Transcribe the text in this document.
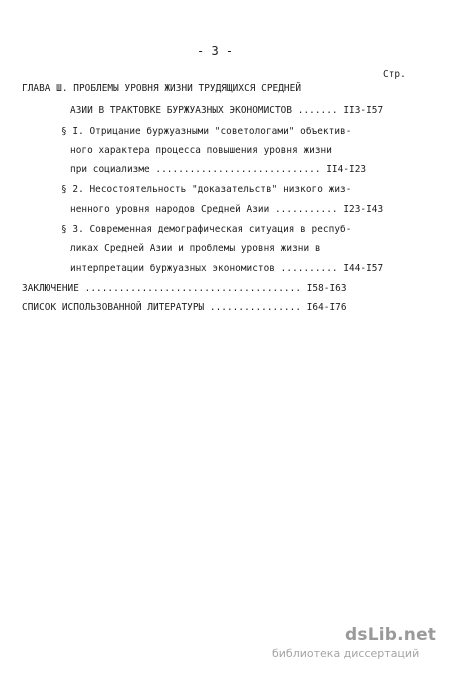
- 3 -
Стр.
ГЛАВА Ш. ПРОБЛЕМЫ УРОВНЯ ЖИЗНИ ТРУДЯЩИХСЯ СРЕДНЕЙ
АЗИИ В ТРАКТОВКЕ БУРЖУАЗНЫХ ЭКОНОМИСТОВ ....... II3-I57
§ I. Отрицание буржуазными "советологами" объектив-
ного характера процесса повышения уровня жизни
при социализме ............................. II4-I23
§ 2. Несостоятельность "доказательств" низкого жиз-
ненного уровня народов Средней Азии ........... I23-I43
§ 3. Современная демографическая ситуация в респуб-
ликах Средней Азии и проблемы уровня жизни в
интерпретации буржуазных экономистов .......... I44-I57
ЗАКЛЮЧЕНИЕ ...................................... I58-I63
СПИСОК ИСПОЛЬЗОВАННОЙ ЛИТЕРАТУРЫ ................ I64-I76
dsLib.net
библиотека диссертаций
